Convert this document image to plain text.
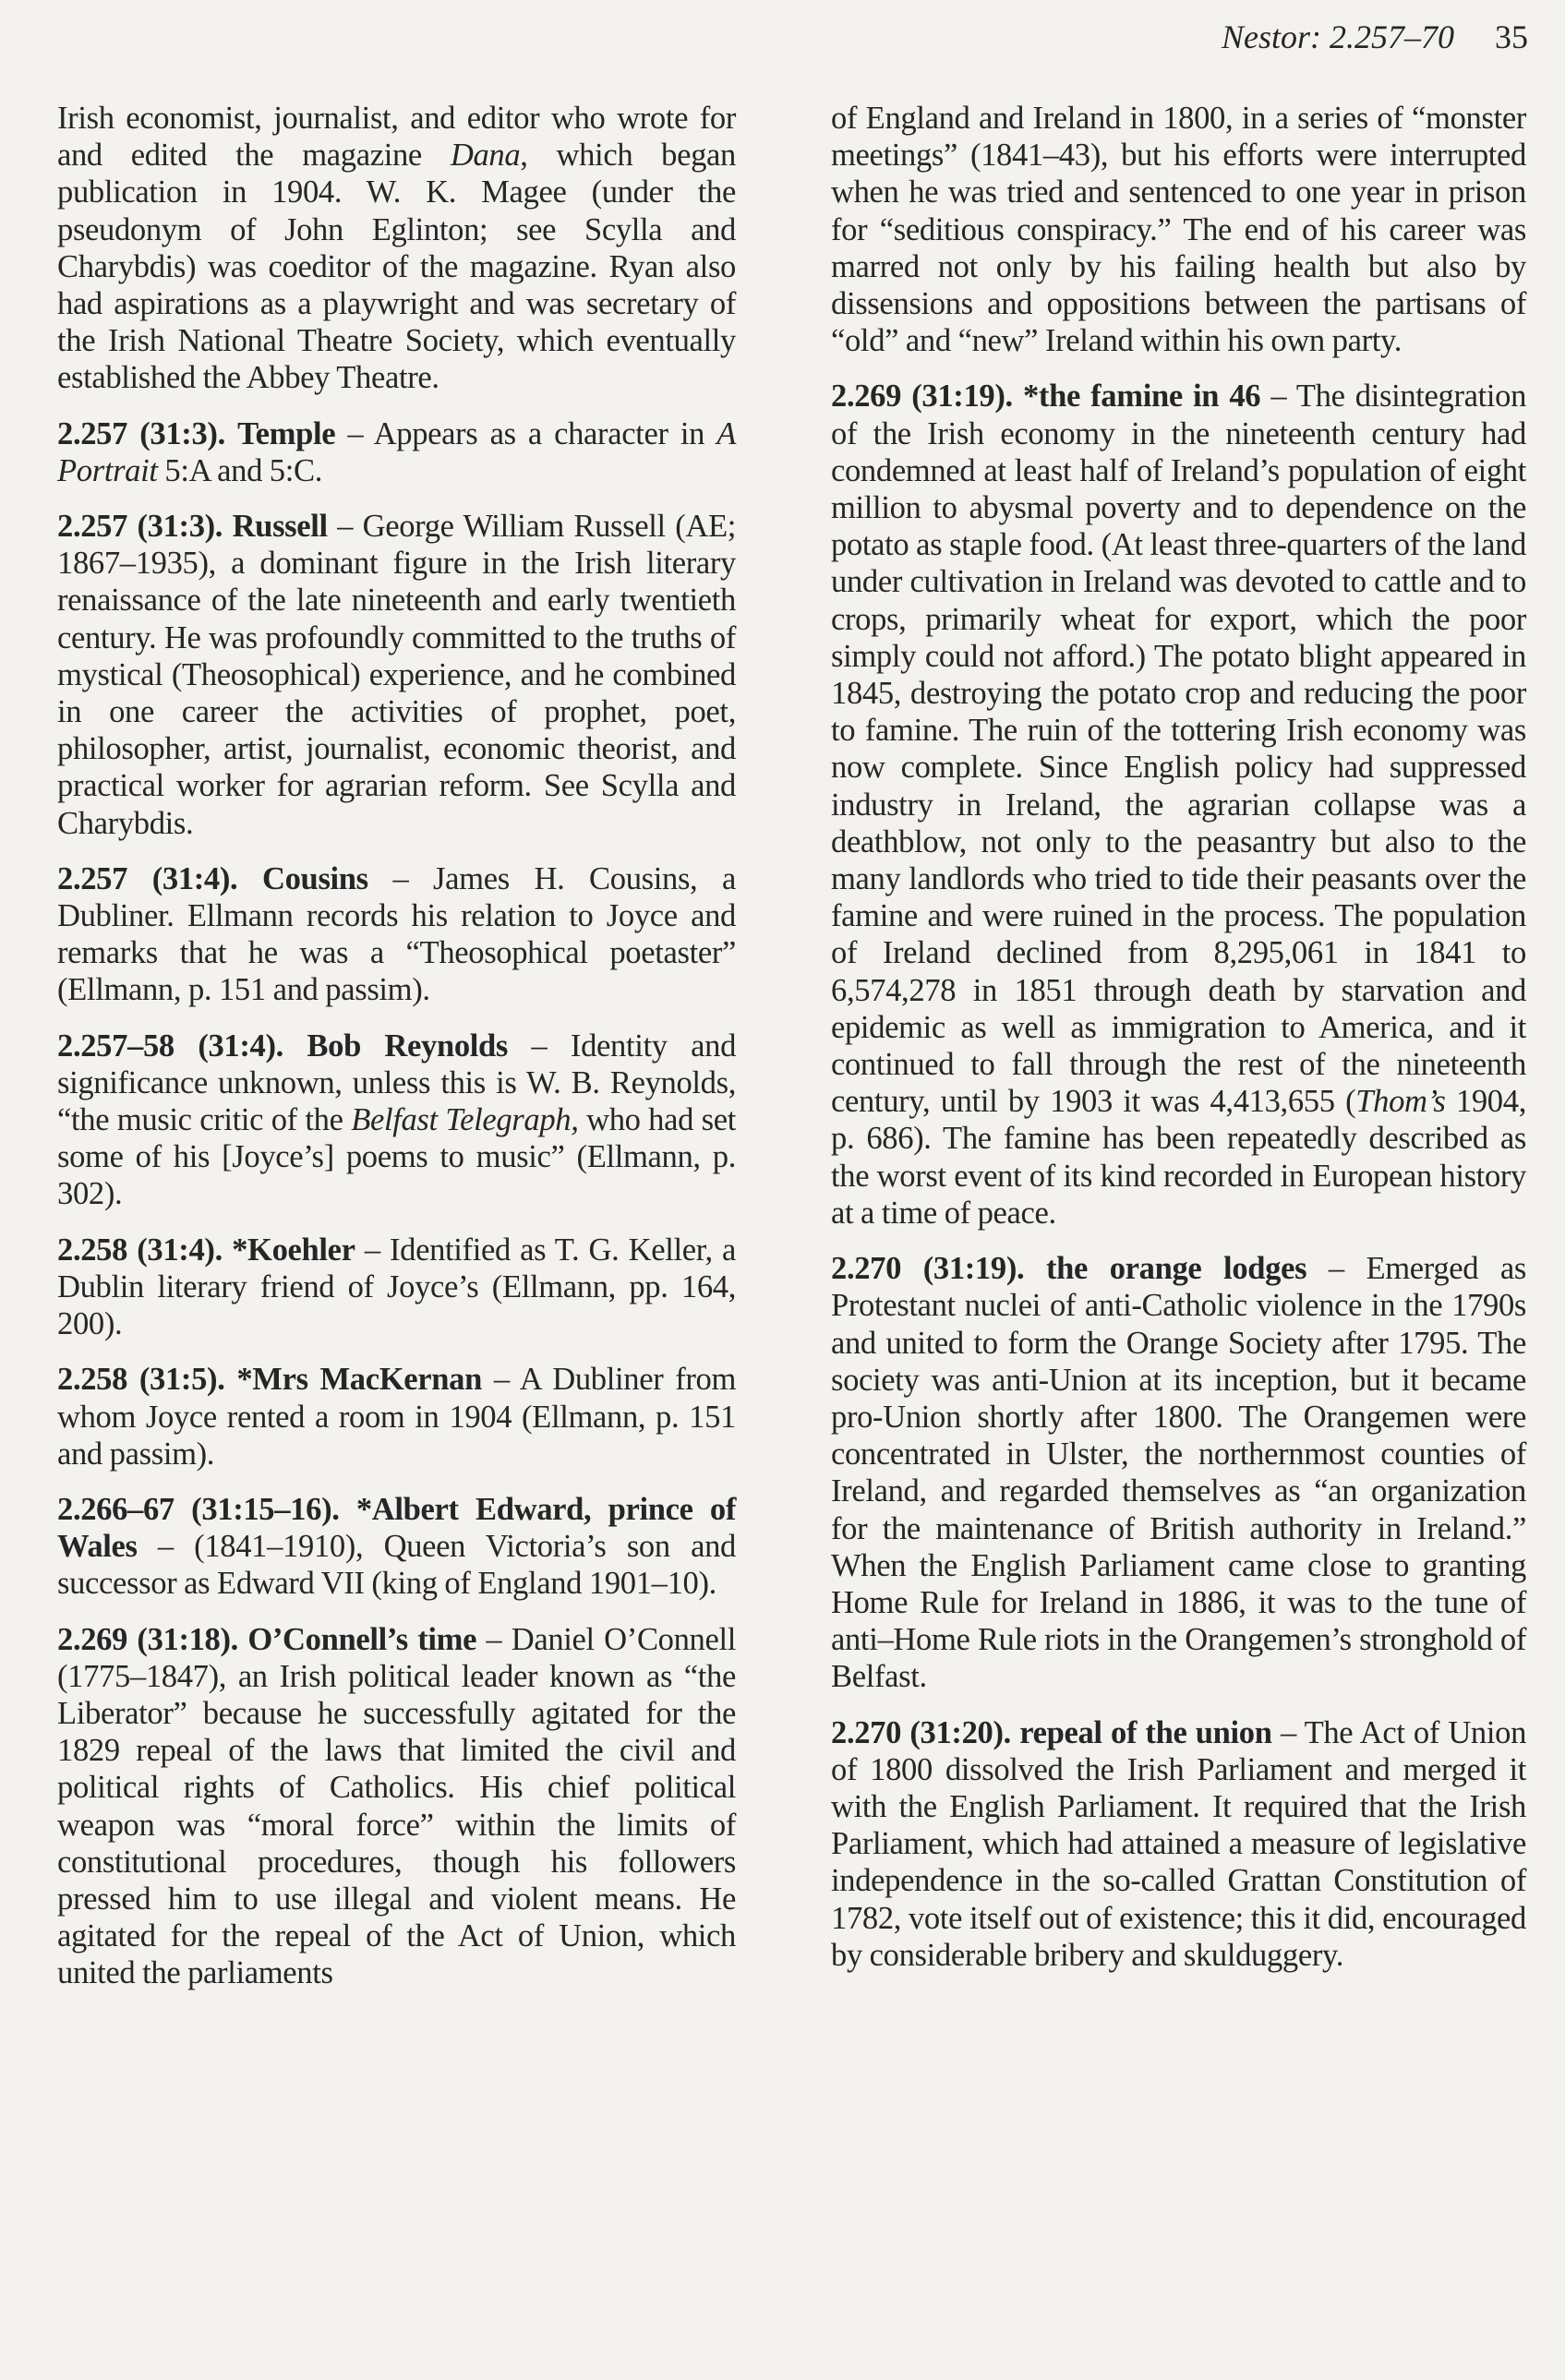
Nestor: 2.257–70 35

Irish economist, journalist, and editor who wrote for and edited the magazine Dana, which began publication in 1904. W. K. Magee (under the pseudonym of John Eglinton; see Scylla and Charybdis) was coeditor of the magazine. Ryan also had aspirations as a playwright and was secretary of the Irish National Theatre Society, which eventually established the Abbey Theatre.

2.257 (31:3). Temple – Appears as a character in A Portrait 5:A and 5:C.

2.257 (31:3). Russell – George William Russell (AE; 1867–1935), a dominant figure in the Irish literary renaissance of the late nineteenth and early twentieth century. He was profoundly committed to the truths of mystical (Theosophical) experience, and he combined in one career the activities of prophet, poet, philosopher, artist, journalist, economic theorist, and practical worker for agrarian reform. See Scylla and Charybdis.

2.257 (31:4). Cousins – James H. Cousins, a Dubliner. Ellmann records his relation to Joyce and remarks that he was a “Theosophical poetaster” (Ellmann, p. 151 and passim).

2.257–58 (31:4). Bob Reynolds – Identity and significance unknown, unless this is W. B. Reynolds, “the music critic of the Belfast Telegraph, who had set some of his [Joyce’s] poems to music” (Ellmann, p. 302).

2.258 (31:4). *Koehler – Identified as T. G. Keller, a Dublin literary friend of Joyce’s (Ellmann, pp. 164, 200).

2.258 (31:5). *Mrs MacKernan – A Dubliner from whom Joyce rented a room in 1904 (Ellmann, p. 151 and passim).

2.266–67 (31:15–16). *Albert Edward, prince of Wales – (1841–1910), Queen Victoria’s son and successor as Edward VII (king of England 1901–10).

2.269 (31:18). O’Connell’s time – Daniel O’Connell (1775–1847), an Irish political leader known as “the Liberator” because he successfully agitated for the 1829 repeal of the laws that limited the civil and political rights of Catholics. His chief political weapon was “moral force” within the limits of constitutional procedures, though his followers pressed him to use illegal and violent means. He agitated for the repeal of the Act of Union, which united the parliaments

of England and Ireland in 1800, in a series of “monster meetings” (1841–43), but his efforts were interrupted when he was tried and sentenced to one year in prison for “seditious conspiracy.” The end of his career was marred not only by his failing health but also by dissensions and oppositions between the partisans of “old” and “new” Ireland within his own party.

2.269 (31:19). *the famine in 46 – The disintegration of the Irish economy in the nineteenth century had condemned at least half of Ireland’s population of eight million to abysmal poverty and to dependence on the potato as staple food. (At least three-quarters of the land under cultivation in Ireland was devoted to cattle and to crops, primarily wheat for export, which the poor simply could not afford.) The potato blight appeared in 1845, destroying the potato crop and reducing the poor to famine. The ruin of the tottering Irish economy was now complete. Since English policy had suppressed industry in Ireland, the agrarian collapse was a deathblow, not only to the peasantry but also to the many landlords who tried to tide their peasants over the famine and were ruined in the process. The population of Ireland declined from 8,295,061 in 1841 to 6,574,278 in 1851 through death by starvation and epidemic as well as immigration to America, and it continued to fall through the rest of the nineteenth century, until by 1903 it was 4,413,655 (Thom’s 1904, p. 686). The famine has been repeatedly described as the worst event of its kind recorded in European history at a time of peace.

2.270 (31:19). the orange lodges – Emerged as Protestant nuclei of anti-Catholic violence in the 1790s and united to form the Orange Society after 1795. The society was anti-Union at its inception, but it became pro-Union shortly after 1800. The Orangemen were concentrated in Ulster, the northernmost counties of Ireland, and regarded themselves as “an organization for the maintenance of British authority in Ireland.” When the English Parliament came close to granting Home Rule for Ireland in 1886, it was to the tune of anti–Home Rule riots in the Orangemen’s stronghold of Belfast.

2.270 (31:20). repeal of the union – The Act of Union of 1800 dissolved the Irish Parliament and merged it with the English Parliament. It required that the Irish Parliament, which had attained a measure of legislative independence in the so-called Grattan Constitution of 1782, vote itself out of existence; this it did, encouraged by considerable bribery and skulduggery.
